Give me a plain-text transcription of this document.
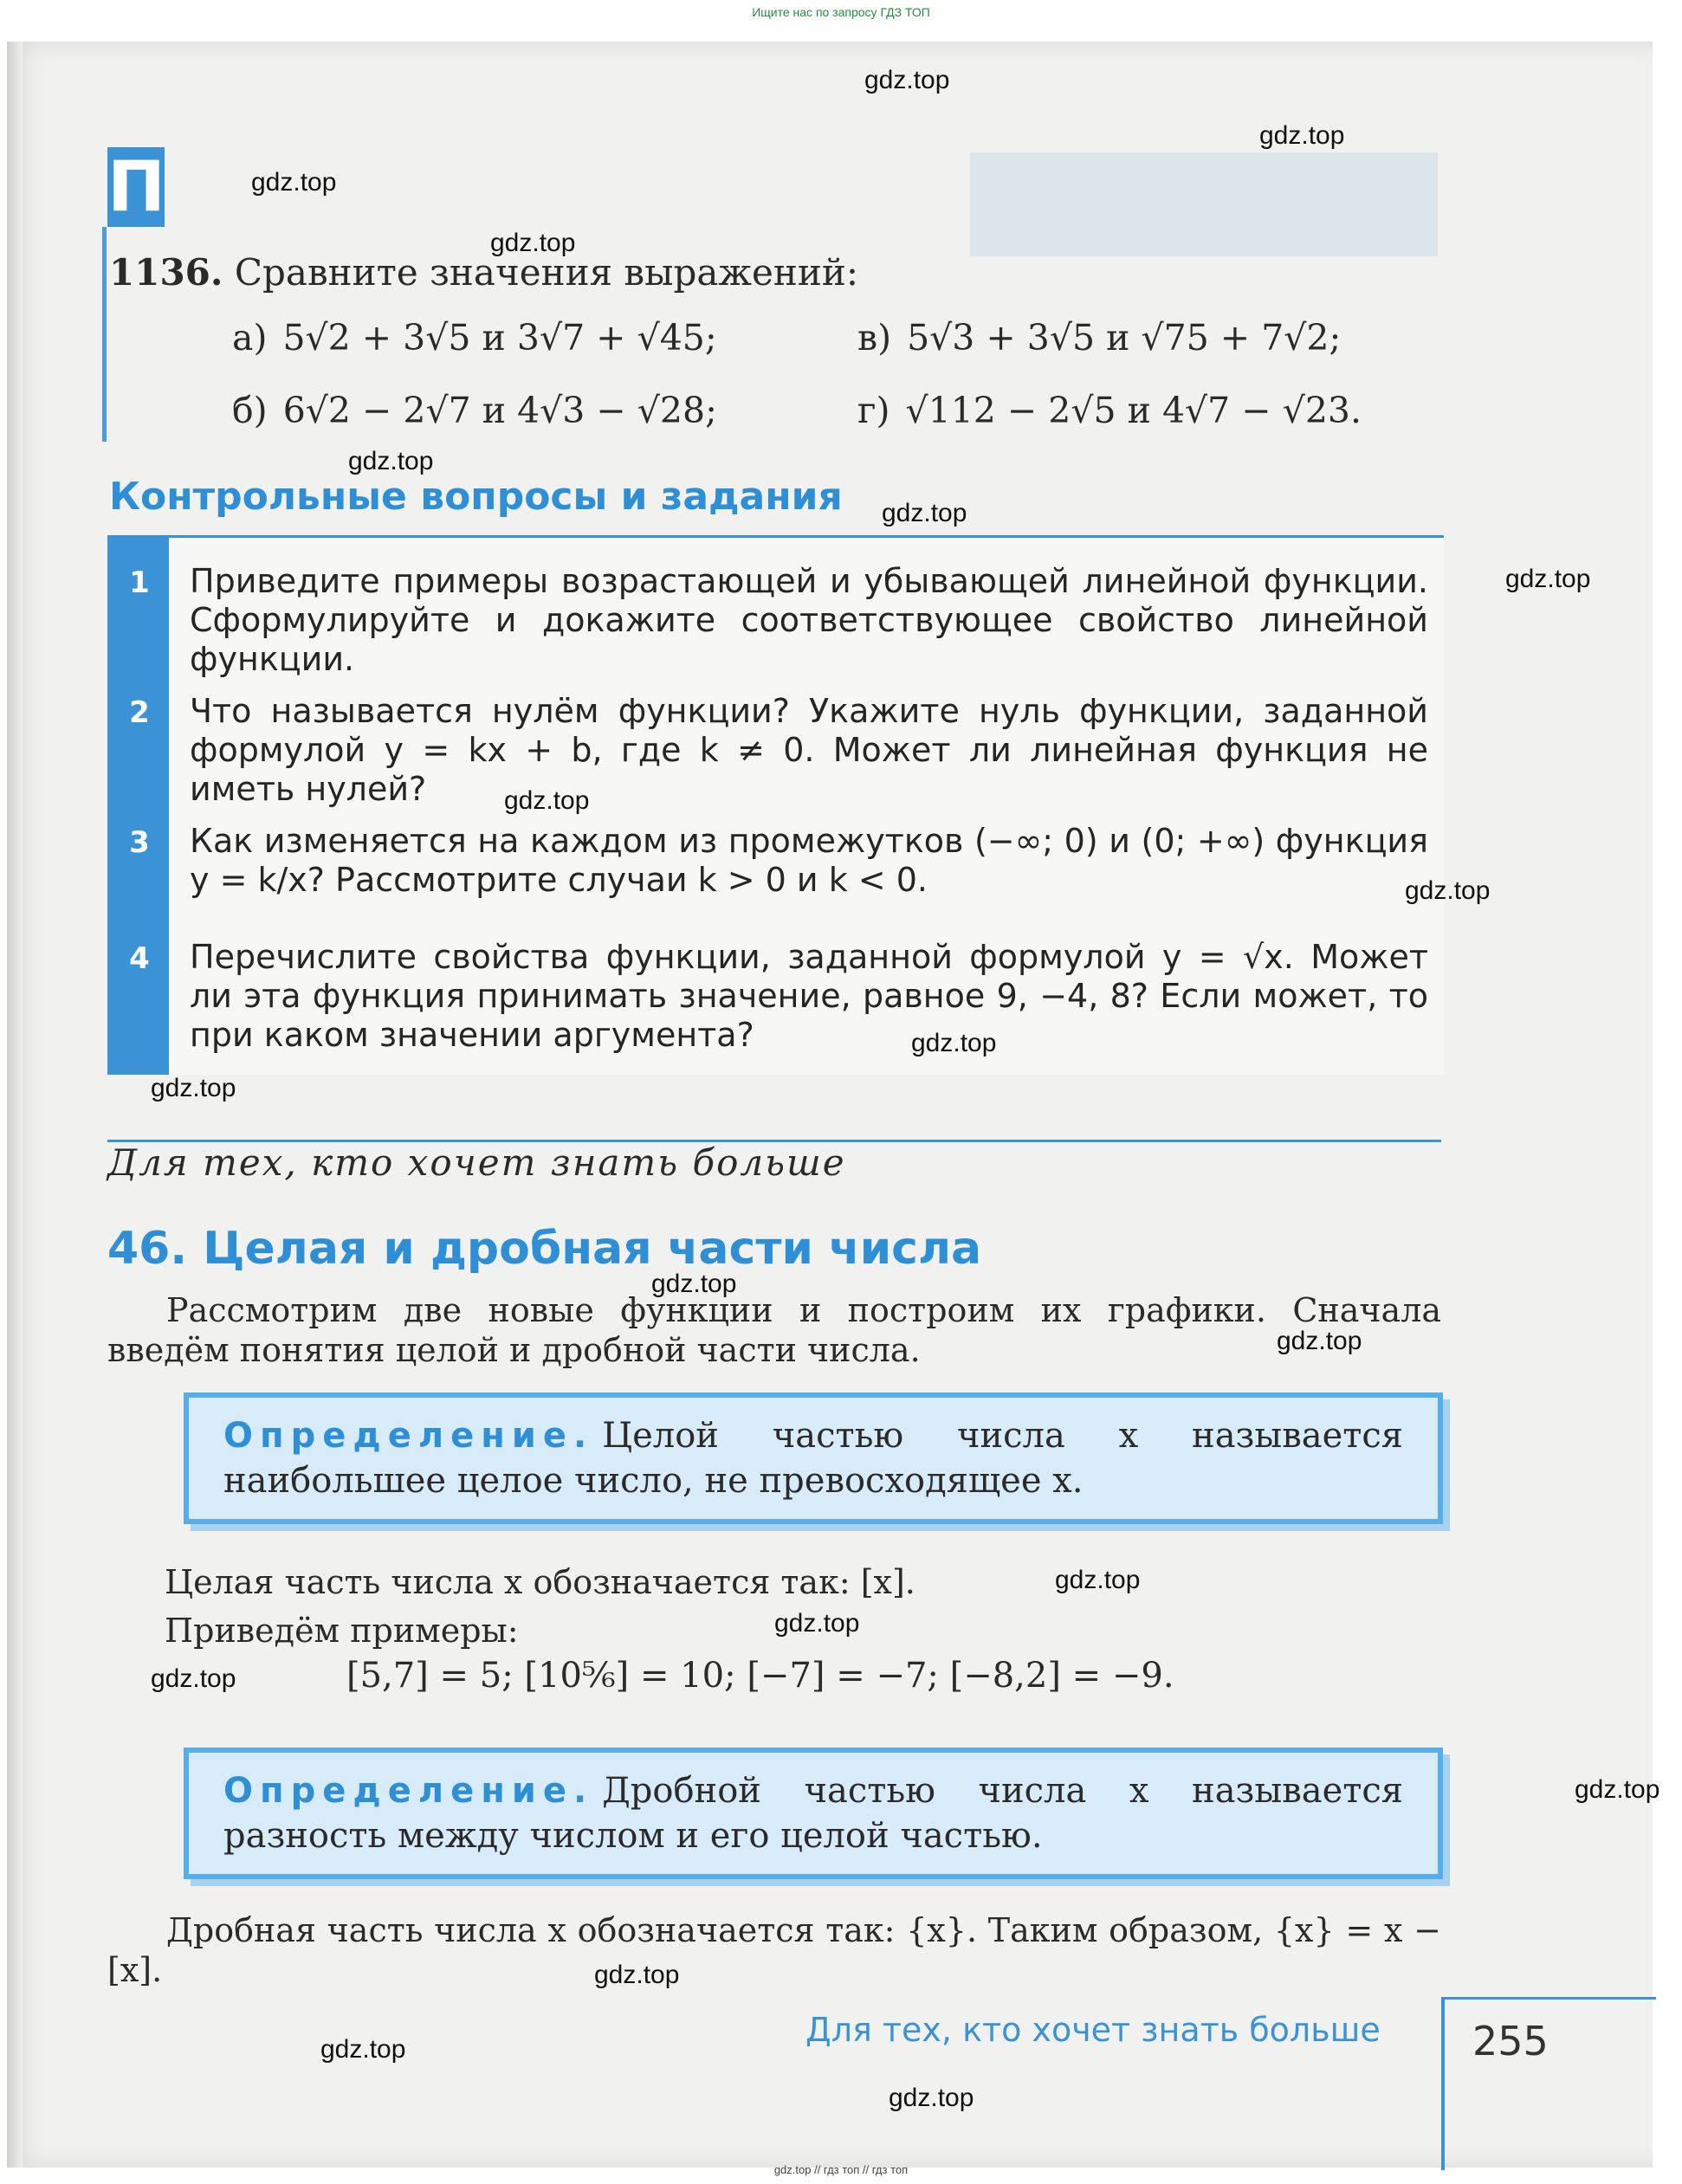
Ищите нас по запросу ГДЗ ТОП
П
1136. Сравните значения выражений:
а) 5√2 + 3√5 и 3√7 + √45;	в) 5√3 + 3√5 и √75 + 7√2;
б) 6√2 − 2√7 и 4√3 − √28;	г) √112 − 2√5 и 4√7 − √23.
Контрольные вопросы и задания
1	Приведите примеры возрастающей и убывающей линейной функции. Сформулируйте и докажите соответствующее свойство линейной функции.
2	Что называется нулём функции? Укажите нуль функции, заданной формулой y = kx + b, где k ≠ 0. Может ли линейная функция не иметь нулей?
3	Как изменяется на каждом из промежутков (−∞; 0) и (0; +∞) функция y = k/x? Рассмотрите случаи k > 0 и k < 0.
4	Перечислите свойства функции, заданной формулой y = √x. Может ли эта функция принимать значение, равное 9, −4, 8? Если может, то при каком значении аргумента?
Для тех, кто хочет знать больше
46. Целая и дробная части числа
Рассмотрим две новые функции и построим их графики. Сначала введём понятия целой и дробной части числа.
Определение. Целой частью числа x называется наибольшее целое число, не превосходящее x.
Целая часть числа x обозначается так: [x].
Приведём примеры:
[5,7] = 5; [10⅚] = 10; [−7] = −7; [−8,2] = −9.
Определение. Дробной частью числа x называется разность между числом и его целой частью.
Дробная часть числа x обозначается так: {x}. Таким образом, {x} = x − [x].
Для тех, кто хочет знать больше 255
gdz.top
gdz.top
gdz.top
gdz.top
gdz.top
gdz.top
gdz.top
gdz.top
gdz.top
gdz.top
gdz.top
gdz.top
gdz.top
gdz.top
gdz.top
gdz.top
gdz.top
gdz.top
gdz.top
gdz.top
gdz.top // гдз топ // гдз топ
